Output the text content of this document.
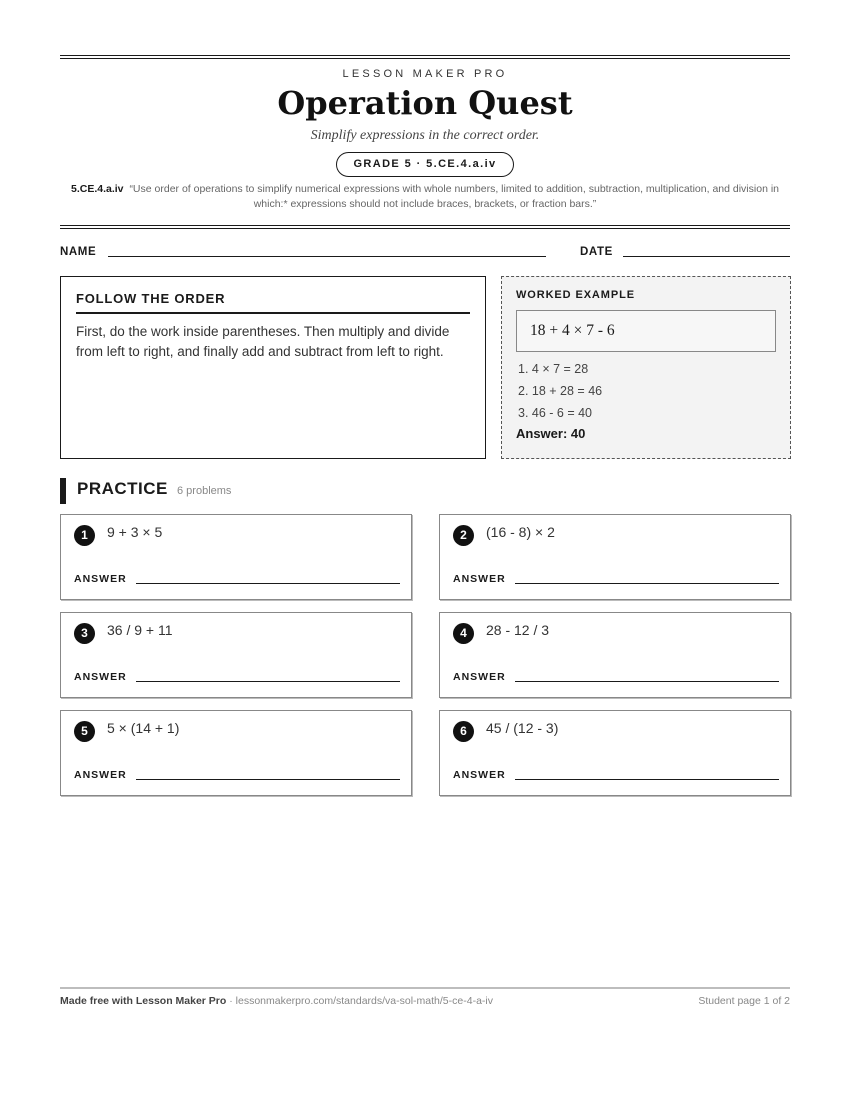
LESSON MAKER PRO
Operation Quest
Simplify expressions in the correct order.
GRADE 5 · 5.CE.4.a.iv
5.CE.4.a.iv “Use order of operations to simplify numerical expressions with whole numbers, limited to addition, subtraction, multiplication, and division in which:* expressions should not include braces, brackets, or fraction bars.”
NAME	DATE
FOLLOW THE ORDER
First, do the work inside parentheses. Then multiply and divide from left to right, and finally add and subtract from left to right.
WORKED EXAMPLE
18 + 4 × 7 - 6
1. 4 × 7 = 28
2. 18 + 28 = 46
3. 46 - 6 = 40
Answer: 40
PRACTICE 6 problems
1	9 + 3 × 5
ANSWER
2	(16 - 8) × 2
ANSWER
3	36 / 9 + 11
ANSWER
4	28 - 12 / 3
ANSWER
5	5 × (14 + 1)
ANSWER
6	45 / (12 - 3)
ANSWER
Made free with Lesson Maker Pro · lessonmakerpro.com/standards/va-sol-math/5-ce-4-a-iv	Student page 1 of 2
